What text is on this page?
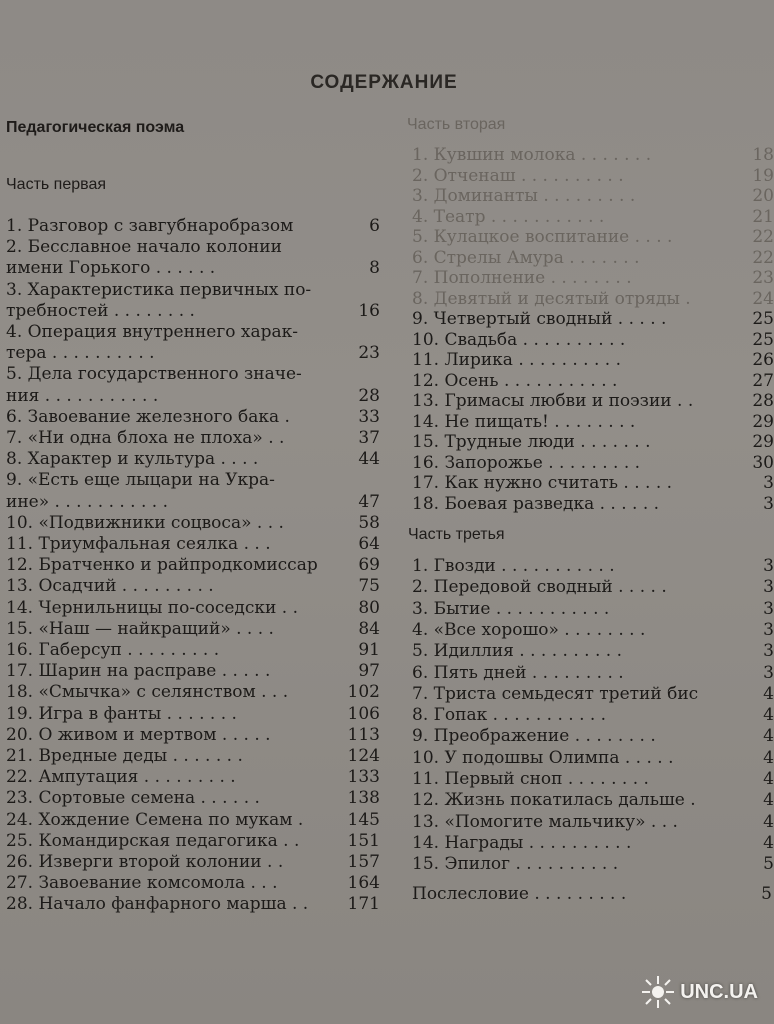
СОДЕРЖАНИЕ
Педагогическая поэма
Часть первая
1. Разговор с завгубнаробразом	6
2. Бесславное начало колонии
имени Горького . . . . . .	8
3. Характеристика первичных по-
требностей . . . . . . . .	16
4. Операция внутреннего харак-
тера . . . . . . . . . .	23
5. Дела государственного значе-
ния . . . . . . . . . . .	28
6. Завоевание железного бака .	33
7. «Ни одна блоха не плоха» . .	37
8. Характер и культура . . . .	44
9. «Есть еще лыцари на Укра-
ине» . . . . . . . . . . .	47
10. «Подвижники соцвоса» . . .	58
11. Триумфальная сеялка . . .	64
12. Братченко и райпродкомиссар 69
13. Осадчий . . . . . . . . .	75
14. Чернильницы по-соседски . .	80
15. «Наш — найкращий» . . . .	84
16. Габерсуп . . . . . . . . .	91
17. Шарин на расправе . . . . .	97
18. «Смычка» с селянством . . .	102
19. Игра в фанты . . . . . . .	106
20. О живом и мертвом . . . . .	113
21. Вредные деды . . . . . . .	124
22. Ампутация . . . . . . . . .	133
23. Сортовые семена . . . . . .	138
24. Хождение Семена по мукам .	145
25. Командирская педагогика . .	151
26. Изверги второй колонии . .	157
27. Завоевание комсомола . . .	164
28. Начало фанфарного марша . . 171
Часть вторая
1. Кувшин молока . . . . . . .	18
2. Отченаш . . . . . . . . . .	19
3. Доминанты . . . . . . . . .	20
4. Театр . . . . . . . . . . .	21
5. Кулацкое воспитание . . . .	22
6. Стрелы Амура . . . . . . .	22
7. Пополнение . . . . . . . .	23
8. Девятый и десятый отряды .	24
9. Четвертый сводный . . . . .	25
10. Свадьба . . . . . . . . . .	25
11. Лирика . . . . . . . . . .	26
12. Осень . . . . . . . . . . .	27
13. Гримасы любви и поэзии . .	28
14. Не пищать! . . . . . . . .	29
15. Трудные люди . . . . . . .	29
16. Запорожье . . . . . . . . .	30
17. Как нужно считать . . . . .	3
18. Боевая разведка . . . . . .	3
Часть третья
1. Гвозди . . . . . . . . . . .	3
2. Передовой сводный . . . . .	3
3. Бытие . . . . . . . . . . .	3
4. «Все хорошо» . . . . . . . .	3
5. Идиллия . . . . . . . . . .	3
6. Пять дней . . . . . . . . .	3
7. Триста семьдесят третий бис	4
8. Гопак . . . . . . . . . . .	4
9. Преображение . . . . . . . .	4
10. У подошвы Олимпа . . . . .	4
11. Первый сноп . . . . . . . .	4
12. Жизнь покатилась дальше .	4
13. «Помогите мальчику» . . .	4
14. Награды . . . . . . . . . .	4
15. Эпилог . . . . . . . . . .	5
Послесловие . . . . . . . . .	5
UNC.UA
